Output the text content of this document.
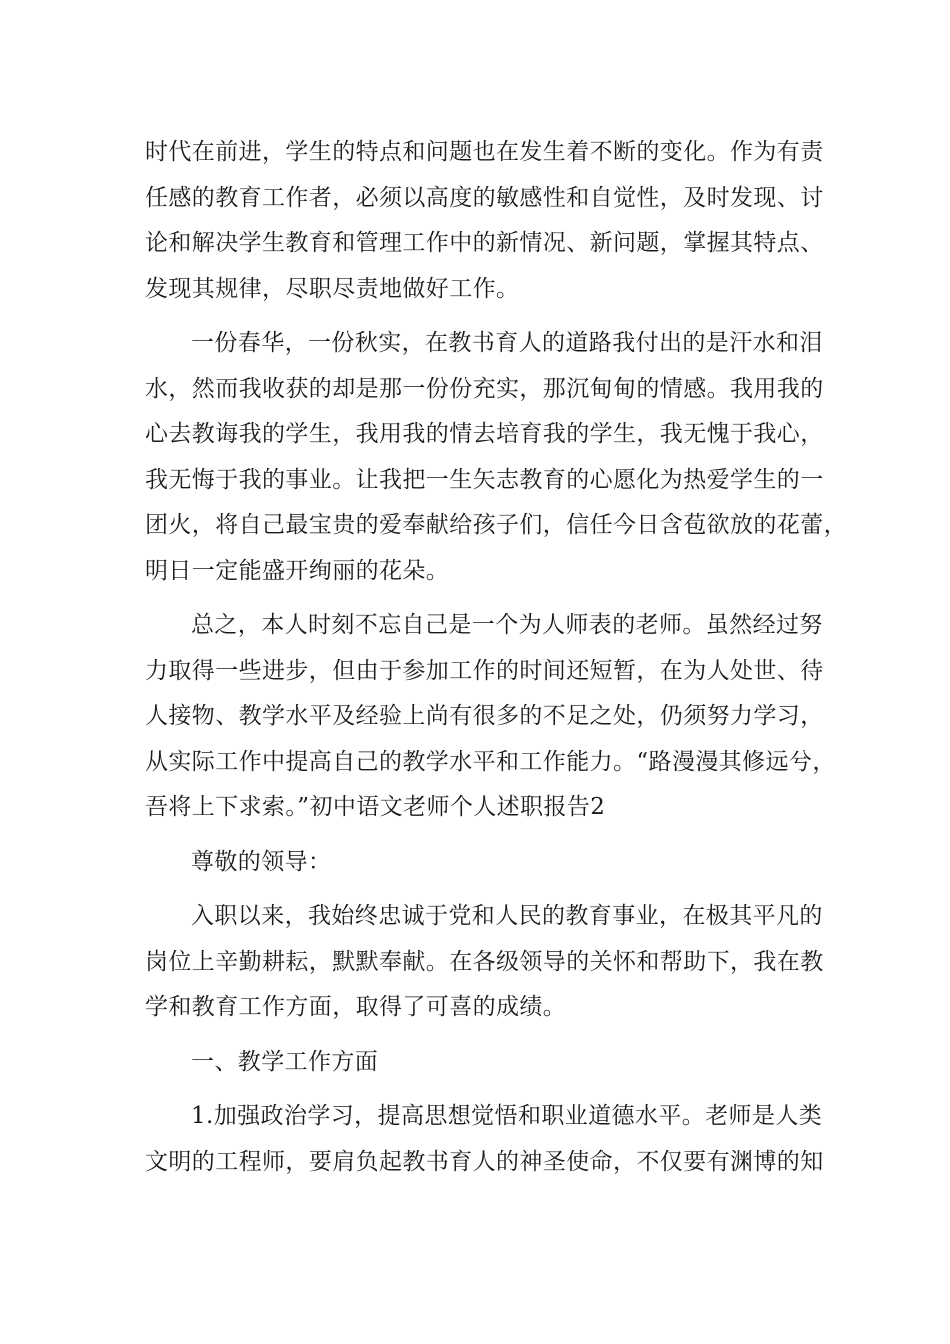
时代在前进，学生的特点和问题也在发生着不断的变化。作为有责
任感的教育工作者，必须以高度的敏感性和自觉性，及时发现、讨
论和解决学生教育和管理工作中的新情况、新问题，掌握其特点、
发现其规律，尽职尽责地做好工作。
一份春华，一份秋实，在教书育人的道路我付出的是汗水和泪
水，然而我收获的却是那一份份充实，那沉甸甸的情感。我用我的
心去教诲我的学生，我用我的情去培育我的学生，我无愧于我心，
我无悔于我的事业。让我把一生矢志教育的心愿化为热爱学生的一
团火，将自己最宝贵的爱奉献给孩子们，信任今日含苞欲放的花蕾，
明日一定能盛开绚丽的花朵。
总之，本人时刻不忘自己是一个为人师表的老师。虽然经过努
力取得一些进步，但由于参加工作的时间还短暂，在为人处世、待
人接物、教学水平及经验上尚有很多的不足之处，仍须努力学习，
从实际工作中提高自己的教学水平和工作能力。“路漫漫其修远兮，
吾将上下求索。”初中语文老师个人述职报告2
尊敬的领导：
入职以来，我始终忠诚于党和人民的教育事业，在极其平凡的
岗位上辛勤耕耘，默默奉献。在各级领导的关怀和帮助下，我在教
学和教育工作方面，取得了可喜的成绩。
一、教学工作方面
1.加强政治学习，提高思想觉悟和职业道德水平。老师是人类
文明的工程师，要肩负起教书育人的神圣使命，不仅要有渊博的知
